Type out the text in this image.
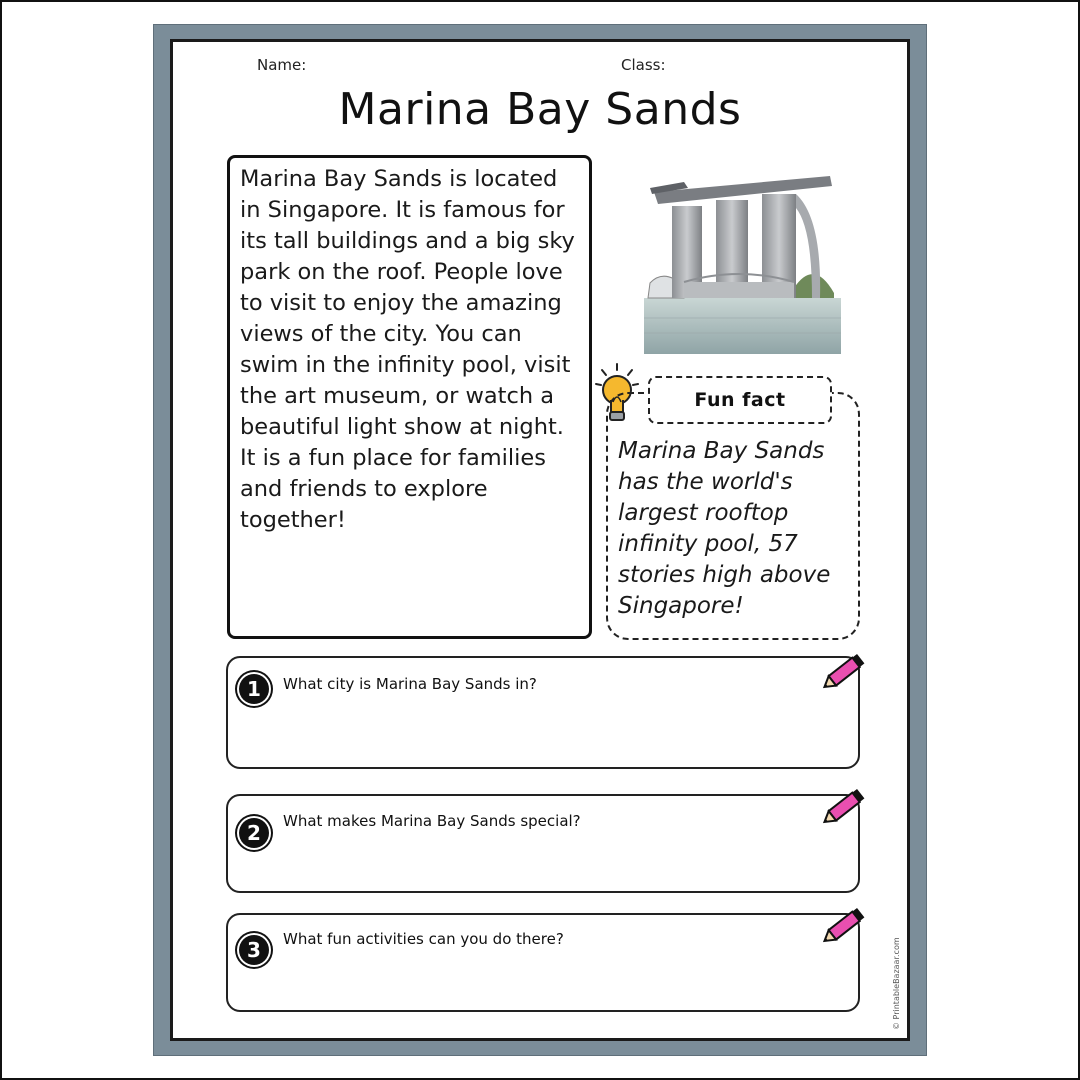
Name:	Class:
Marina Bay Sands

Marina Bay Sands is located in Singapore. It is famous for its tall buildings and a big sky park on the roof. People love to visit to enjoy the amazing views of the city. You can swim in the infinity pool, visit the art museum, or watch a beautiful light show at night. It is a fun place for families and friends to explore together!

Fun fact

Marina Bay Sands has the world's largest rooftop infinity pool, 57 stories high above Singapore!

1	What city is Marina Bay Sands in?
2	What makes Marina Bay Sands special?
3	What fun activities can you do there?	© PrintableBazaar.com
